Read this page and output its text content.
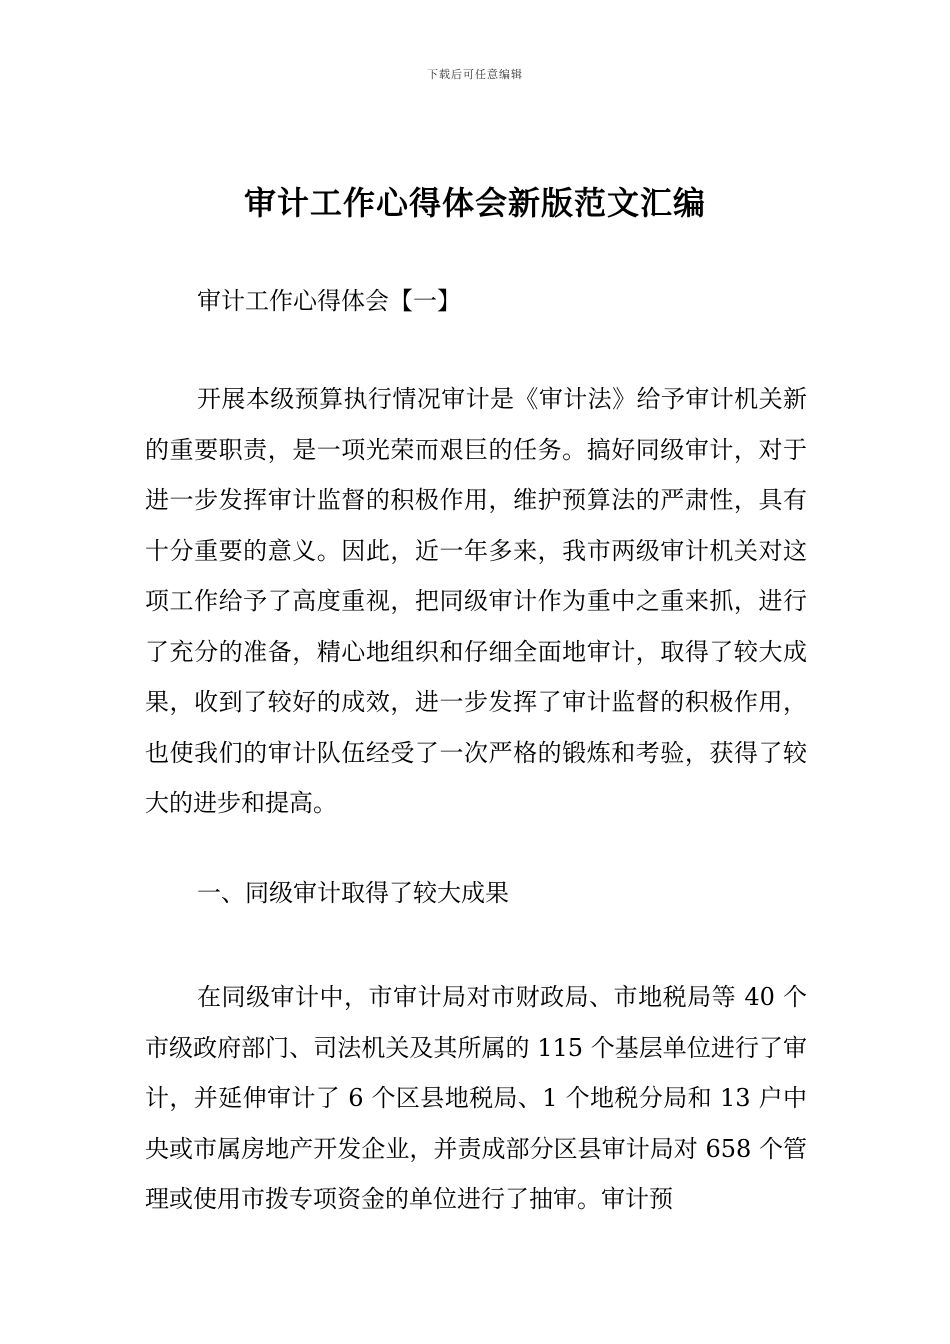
下载后可任意编辑
审计工作心得体会新版范文汇编

审计工作心得体会【一】

开展本级预算执行情况审计是《审计法》给予审计机关新的重要职责，是一项光荣而艰巨的任务。搞好同级审计，对于进一步发挥审计监督的积极作用，维护预算法的严肃性，具有十分重要的意义。因此，近一年多来，我市两级审计机关对这项工作给予了高度重视，把同级审计作为重中之重来抓，进行了充分的准备，精心地组织和仔细全面地审计，取得了较大成果，收到了较好的成效，进一步发挥了审计监督的积极作用，也使我们的审计队伍经受了一次严格的锻炼和考验，获得了较大的进步和提高。

一、同级审计取得了较大成果

在同级审计中，市审计局对市财政局、市地税局等 40 个市级政府部门、司法机关及其所属的 115 个基层单位进行了审计，并延伸审计了 6 个区县地税局、1 个地税分局和 13 户中央或市属房地产开发企业，并责成部分区县审计局对 658 个管理或使用市拨专项资金的单位进行了抽审。审计预
